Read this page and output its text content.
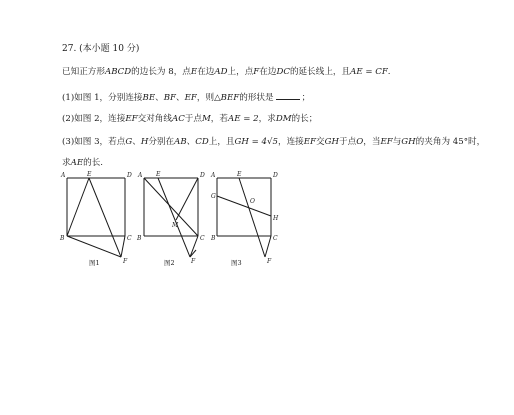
27. (本小题 10 分)
已知正方形ABCD的边长为 8，点E在边AD上，点F在边DC的延长线上，且AE = CF.
(1)如图 1，分别连接BE、BF、EF，则△BEF的形状是	；
(2)如图 2，连接EF交对角线AC于点M，若AE = 2，求DM的长；
(3)如图 3，若点G、H分别在AB、CD上，且GH = 4√5，连接EF交GH于点O，当EF与GH的夹角为 45°时，
求AE的长.
A	E	D
B	C
F
图1
A E	D
M
B	C
F
图2
A	E	D
G
O
H
B	C
F
图3
